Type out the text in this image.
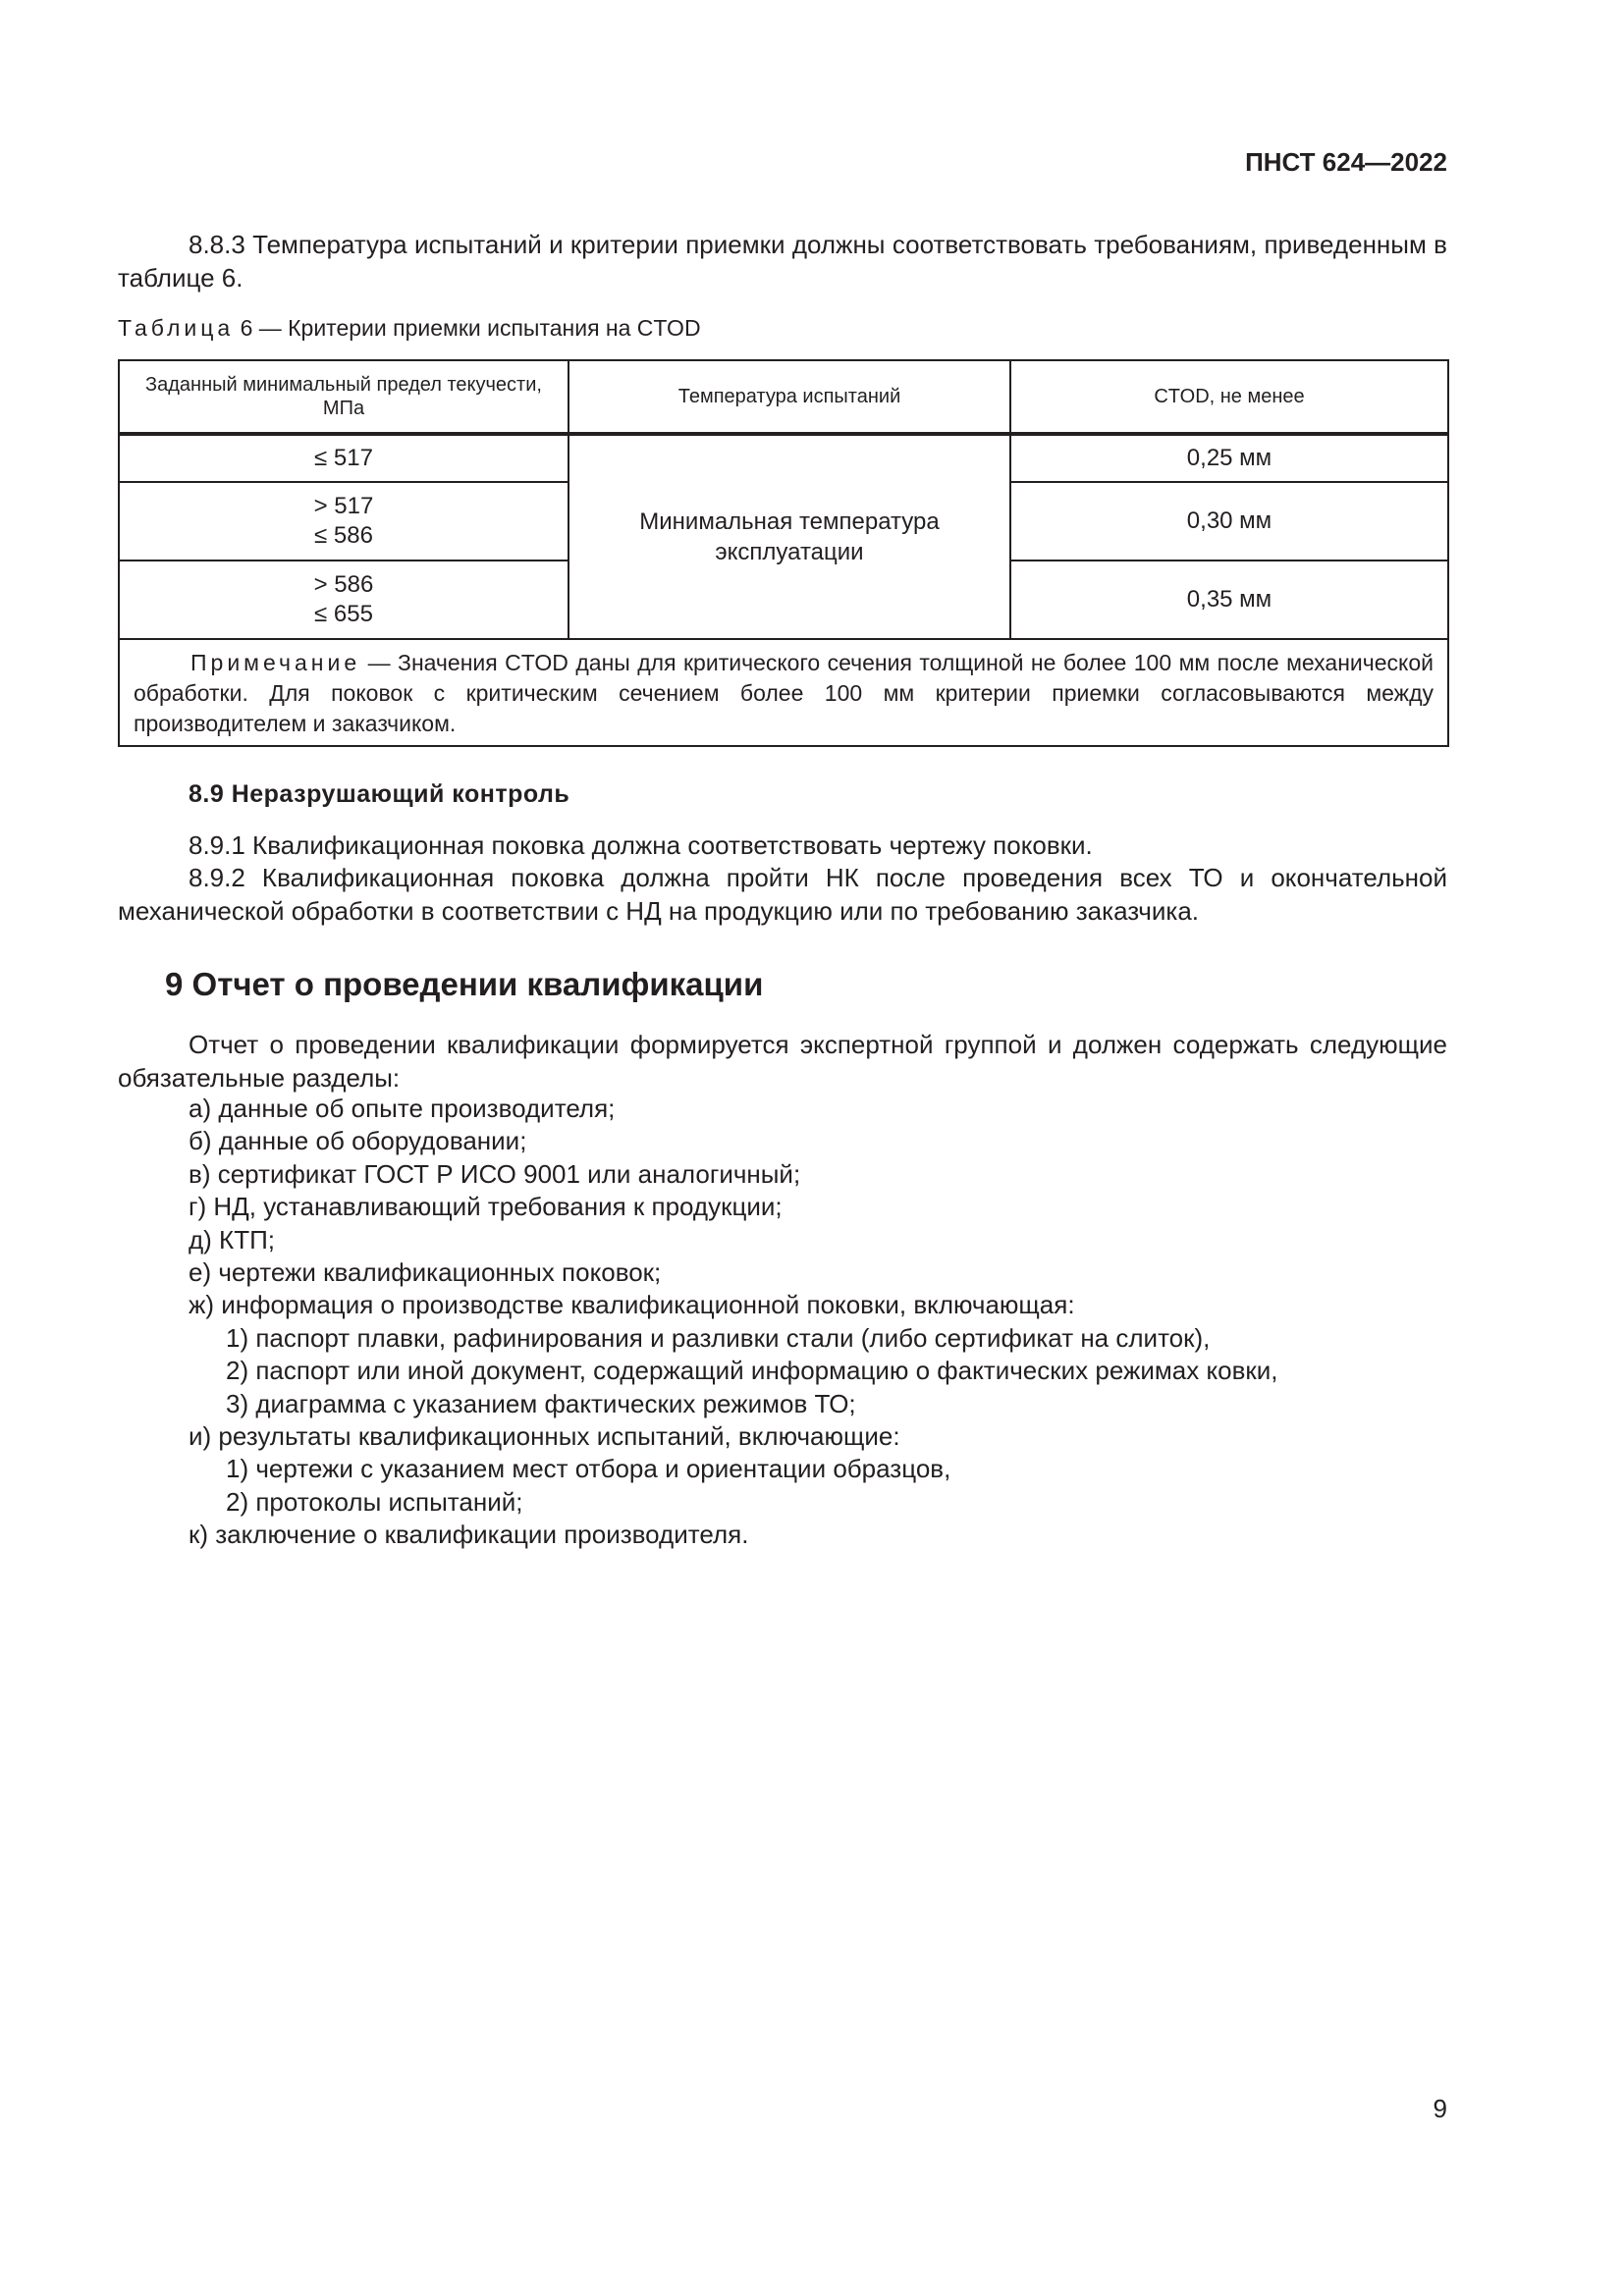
ПНСТ 624—2022

8.8.3 Температура испытаний и критерии приемки должны соответствовать требованиям, приведенным в таблице 6.

Таблица 6 — Критерии приемки испытания на CTOD
Заданный минимальный предел текучести, МПа	Температура испытаний	CTOD, не менее

≤ 517	Минимальная температура эксплуатации	0,25 мм

> 517
≤ 586		0,30 мм

> 586
≤ 655		0,35 мм
Примечание — Значения CTOD даны для критического сечения толщиной не более 100 мм после механической обработки. Для поковок с критическим сечением более 100 мм критерии приемки согласовываются между производителем и заказчиком.		
8.9 Неразрушающий контроль

8.9.1 Квалификационная поковка должна соответствовать чертежу поковки.

8.9.2 Квалификационная поковка должна пройти НК после проведения всех ТО и окончательной механической обработки в соответствии с НД на продукцию или по требованию заказчика.

9 Отчет о проведении квалификации

Отчет о проведении квалификации формируется экспертной группой и должен содержать следующие обязательные разделы:

а) данные об опыте производителя;
б) данные об оборудовании;
в) сертификат ГОСТ Р ИСО 9001 или аналогичный;
г) НД, устанавливающий требования к продукции;
д) КТП;
е) чертежи квалификационных поковок;
ж) информация о производстве квалификационной поковки, включающая:
1) паспорт плавки, рафинирования и разливки стали (либо сертификат на слиток),
2) паспорт или иной документ, содержащий информацию о фактических режимах ковки,
3) диаграмма с указанием фактических режимов ТО;
и) результаты квалификационных испытаний, включающие:
1) чертежи с указанием мест отбора и ориентации образцов,
2) протоколы испытаний;
к) заключение о квалификации производителя.
9
